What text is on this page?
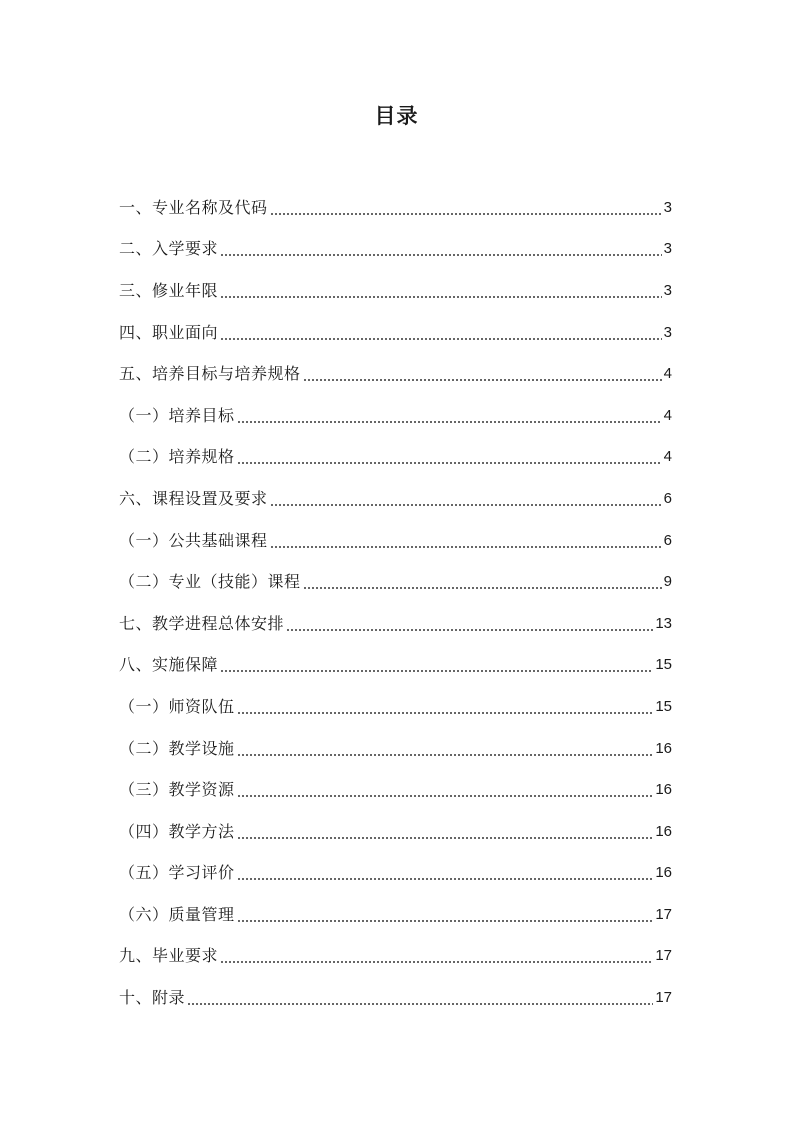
目录
一、专业名称及代码	3
二、入学要求	3
三、修业年限	3
四、职业面向	3
五、培养目标与培养规格	4
（一）培养目标	4
（二）培养规格	4
六、课程设置及要求	6
（一）公共基础课程	6
（二）专业（技能）课程	9
七、教学进程总体安排	13
八、实施保障	15
（一）师资队伍	15
（二）教学设施	16
（三）教学资源	16
（四）教学方法	16
（五）学习评价	16
（六）质量管理	17
九、毕业要求	17
十、附录	17
